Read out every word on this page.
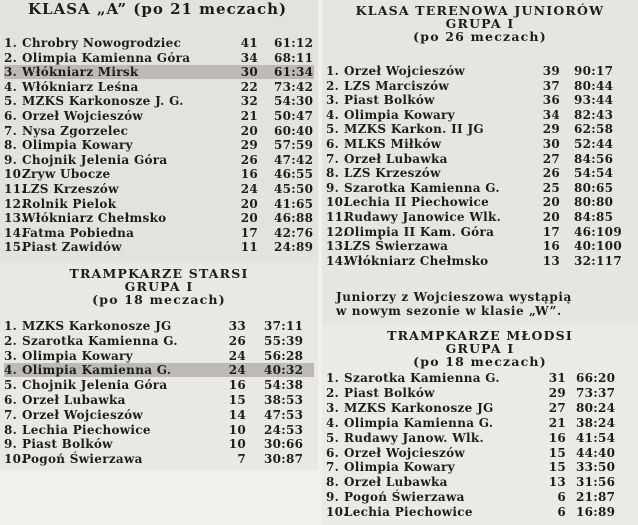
KLASA „A” (po 21 meczach)
1. Chrobry Nowogrodziec	41 61:12
2. Olimpia Kamienna Góra	34 68:11
3. Włókniarz Mirsk	30 61:34
4. Włókniarz Leśna	22 73:42
5. MZKS Karkonosze J. G.	32 54:30
6. Orzeł Wojcieszów	21 50:47
7. Nysa Zgorzelec	20 60:40
8. Olimpia Kowary	29 57:59
9. Chojnik Jelenia Góra	26 47:42
10.Zryw Uboczе	16 46:55
11.LZS Krzeszów	24 45:50
12.Rolnik Pielok	20 41:65
13.Włókniarz Chełmsko	20 46:88
14.Fatma Pobiedna	17 42:76
15.Piast Zawidów	11 24:89
TRAMPKARZE STARSI
GRUPA I
(po 18 meczach)
1. MZKS Karkonosze JG	33 37:11
2. Szarotka Kamienna G.	26 55:39
3. Olimpia Kowary	24 56:28
4. Olimpia Kamienna G.	24 40:32
5. Chojnik Jelenia Góra	16 54:38
6. Orzeł Lubawka	15 38:53
7. Orzeł Wojcieszów	14 47:53
8. Lechia Piechowice	10 24:53
9. Piast Bolków	10 30:66
10.Pogoń Świerzawa	7 30:87
KLASA TERENOWA JUNIORÓW
GRUPA I
(po 26 meczach)
1. Orzeł Wojcieszów	39 90:17
2. LZS Marciszów	37 80:44
3. Piast Bolków	36 93:44
4. Olimpia Kowary	34 82:43
5. MZKS Karkon. II JG	29 62:58
6. MLKS Miłków	30 52:44
7. Orzeł Lubawka	27 84:56
8. LZS Krzeszów	26 54:54
9. Szarotka Kamienna G.	25 80:65
10.Lechia II Piechowice	20 80:80
11.Rudawy Janowice Wlk.	20 84:85
12.Olimpia II Kam. Góra	17 46:109
13.LZS Świerzawa	16 40:100
14.Włókniarz Chełmsko	13 32:117
Juniorzy z Wojcieszowa wystąpią
w nowym sezonie w klasie „W”.
TRAMPKARZE MŁODSI
GRUPA I
(po 18 meczach)
1. Szarotka Kamienna G.	31 66:20
2. Piast Bolków	29 73:37
3. MZKS Karkonosze JG	27 80:24
4. Olimpia Kamienna G.	21 38:24
5. Rudawy Janow. Wlk.	16 41:54
6. Orzeł Wojcieszów	15 44:40
7. Olimpia Kowary	15 33:50
8. Orzeł Lubawka	13 31:56
9. Pogoń Świerzawa	6 21:87
10.Lechia Piechowice	6 16:89
